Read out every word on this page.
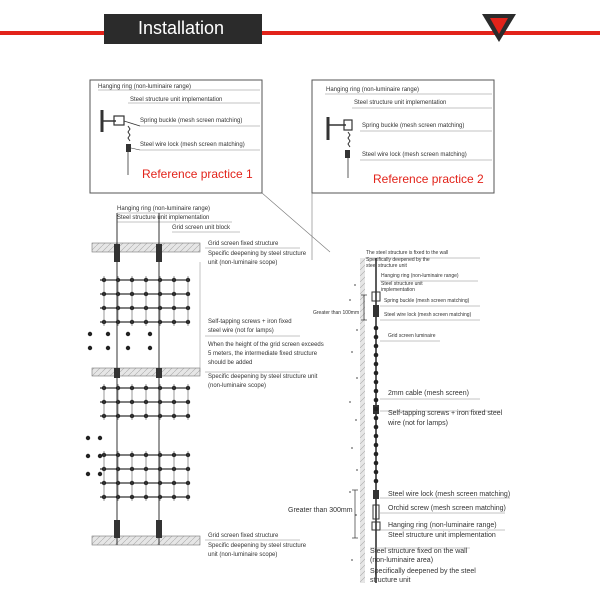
Installation
Hanging ring (non-luminaire range)
Steel structure unit implementation
Spring buckle (mesh screen matching)
Steel wire lock (mesh screen matching)
Reference practice 1
Hanging ring (non-luminaire range)
Steel structure unit implementation
Spring buckle (mesh screen matching)
Steel wire lock (mesh screen matching)
Reference practice 2
Hanging ring (non-luminaire range)
Steel structure unit implementation
Grid screen unit block
Grid screen fixed structure
Specific deepening by steel structure
unit (non-luminaire scope)
Self-tapping screws + iron fixed
steel wire (not for lamps)
When the height of the grid screen exceeds
5 meters, the intermediate fixed structure
should be added
Specific deepening by steel structure unit
(non-luminaire scope)
Grid screen fixed structure
Specific deepening by steel structure
unit (non-luminaire scope)
The steel structure is fixed to the wall
Specifically deepened by the
steel structure unit
Hanging ring (non-luminaire range)
Steel structure unit
implementation
Spring buckle (mesh screen matching)
Steel wire lock (mesh screen matching)
Greater than 100mm
Grid screen luminaire
2mm cable (mesh screen)
Self-tapping screws + iron fixed steel
wire (not for lamps)
Steel wire lock (mesh screen matching)
Greater than 300mm	Orchid screw (mesh screen matching)
Hanging ring (non-luminaire range)
Steel structure unit implementation
Steel structure fixed on the wall
(non-luminaire area)
Specifically deepened by the steel
structure unit
